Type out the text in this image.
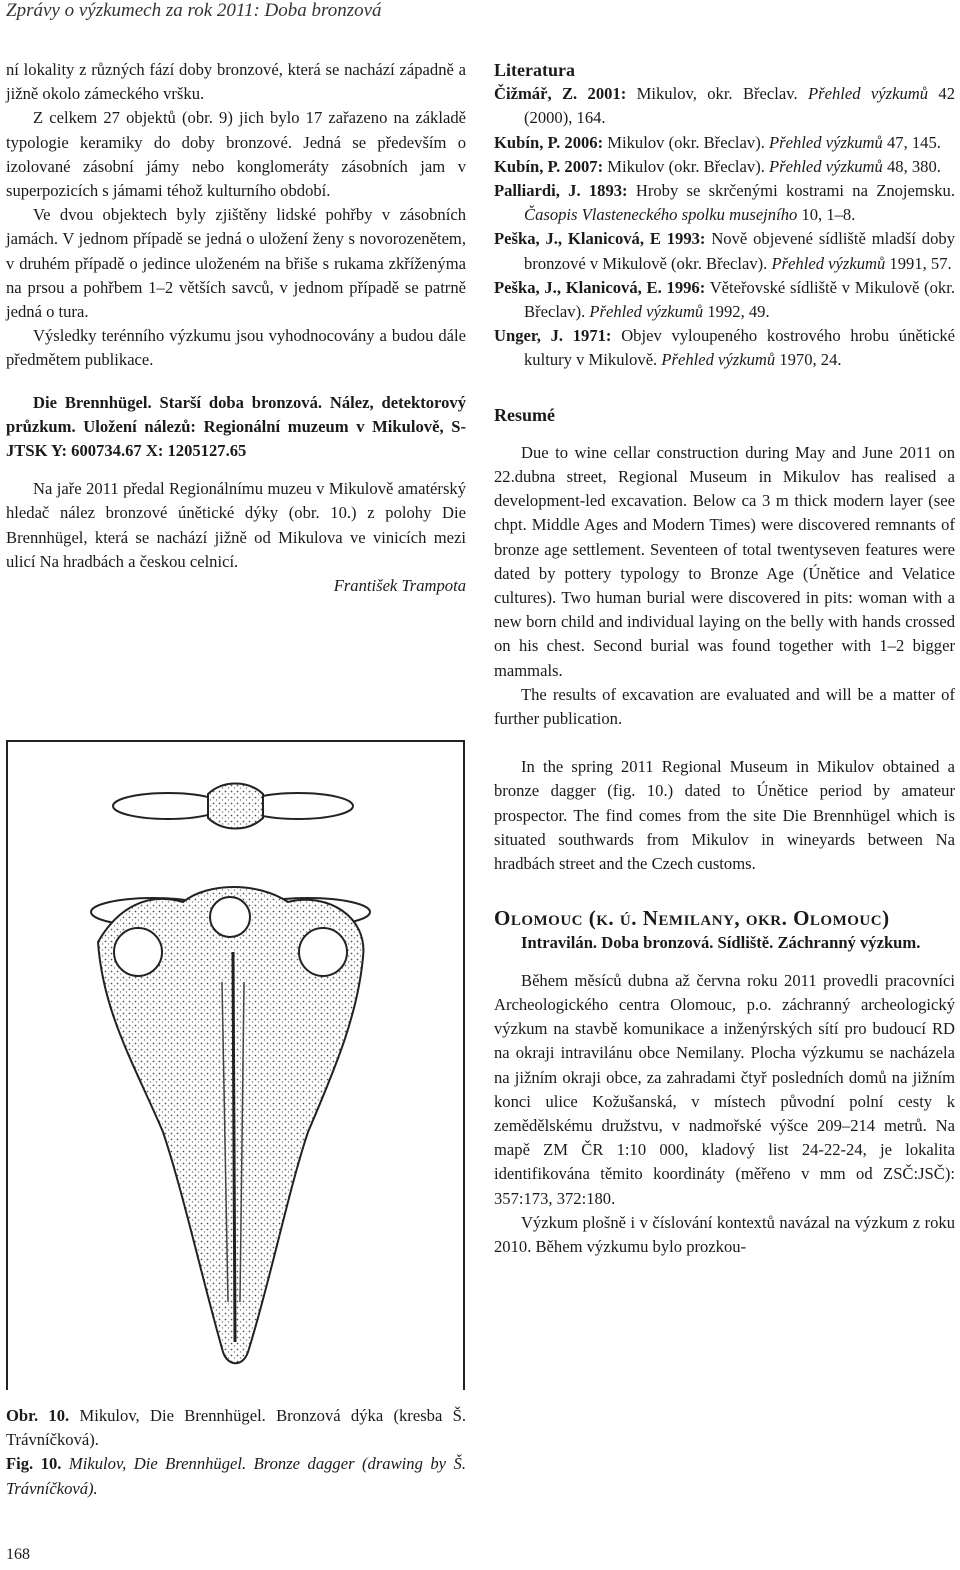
Zprávy o výzkumech za rok 2011: Doba bronzová

ní lokality z různých fází doby bronzové, která se nachází západně a jižně okolo zámeckého vršku.

Z celkem 27 objektů (obr. 9) jich bylo 17 zařazeno na základě typologie keramiky do doby bronzové. Jedná se především o izolované zásobní jámy nebo konglomeráty zásobních jam v superpozicích s jámami téhož kulturního období.

Ve dvou objektech byly zjištěny lidské pohřby v zásobních jamách. V jednom případě se jedná o uložení ženy s novorozenětem, v druhém případě o jedince uloženém na břiše s rukama zkříženýma na prsou a pohřbem 1–2 větších savců, v jednom případě se patrně jedná o tura.

Výsledky terénního výzkumu jsou vyhodnocovány a budou dále předmětem publikace.

Die Brennhügel. Starší doba bronzová. Nález, detektorový průzkum. Uložení nálezů: Regionální muzeum v Mikulově, S-JTSK Y: 600734.67 X: 1205127.65

Na jaře 2011 předal Regionálnímu muzeu v Mikulově amatérský hledač nález bronzové únětické dýky (obr. 10.) z polohy Die Brennhügel, která se nachází jižně od Mikulova ve vinicích mezi ulicí Na hradbách a českou celnicí.

František Trampota

Obr. 10. Mikulov, Die Brennhügel. Bronzová dýka (kresba Š. Trávníčková).

Fig. 10. Mikulov, Die Brennhügel. Bronze dagger (drawing by Š. Trávníčková).

Literatura

Čižmář, Z. 2001: Mikulov, okr. Břeclav. Přehled výzkumů 42 (2000), 164.

Kubín, P. 2006: Mikulov (okr. Břeclav). Přehled výzkumů 47, 145.

Kubín, P. 2007: Mikulov (okr. Břeclav). Přehled výzkumů 48, 380.

Palliardi, J. 1893: Hroby se skrčenými kostrami na Znojemsku. Časopis Vlasteneckého spolku musejního 10, 1–8.

Peška, J., Klanicová, E 1993: Nově objevené sídliště mladší doby bronzové v Mikulově (okr. Břeclav). Přehled výzkumů 1991, 57.

Peška, J., Klanicová, E. 1996: Věteřovské sídliště v Mikulově (okr. Břeclav). Přehled výzkumů 1992, 49.

Unger, J. 1971: Objev vyloupeného kostrového hrobu únětické kultury v Mikulově. Přehled výzkumů 1970, 24.

Resumé

Due to wine cellar construction during May and June 2011 on 22.dubna street, Regional Museum in Mikulov has realised a development-led excavation. Below ca 3 m thick modern layer (see chpt. Middle Ages and Modern Times) were discovered remnants of bronze age settlement. Seventeen of total twentyseven features were dated by pottery typology to Bronze Age (Únětice and Velatice cultures). Two human burial were discovered in pits: woman with a new born child and individual laying on the belly with hands crossed on his chest. Second burial was found together with 1–2 bigger mammals.

The results of excavation are evaluated and will be a matter of further publication.

In the spring 2011 Regional Museum in Mikulov obtained a bronze dagger (fig. 10.) dated to Únětice period by amateur prospector. The find comes from the site Die Brennhügel which is situated southwards from Mikulov in wineyards between Na hradbách street and the Czech customs.

Olomouc (k. ú. Nemilany, okr. Olomouc)

Intravilán. Doba bronzová. Sídliště. Záchranný výzkum.

Během měsíců dubna až června roku 2011 provedli pracovníci Archeologického centra Olomouc, p.o. záchranný archeologický výzkum na stavbě komunikace a inženýrských sítí pro budoucí RD na okraji intravilánu obce Nemilany. Plocha výzkumu se nacházela na jižním okraji obce, za zahradami čtyř posledních domů na jižním konci ulice Kožušanská, v místech původní polní cesty k zemědělskému družstvu, v nadmořské výšce 209–214 metrů. Na mapě ZM ČR 1:10 000, kladový list 24-22-24, je lokalita identifikována těmito koordináty (měřeno v mm od ZSČ:JSČ): 357:173, 372:180.

Výzkum plošně i v číslování kontextů navázal na výzkum z roku 2010. Během výzkumu bylo prozkou-

168
